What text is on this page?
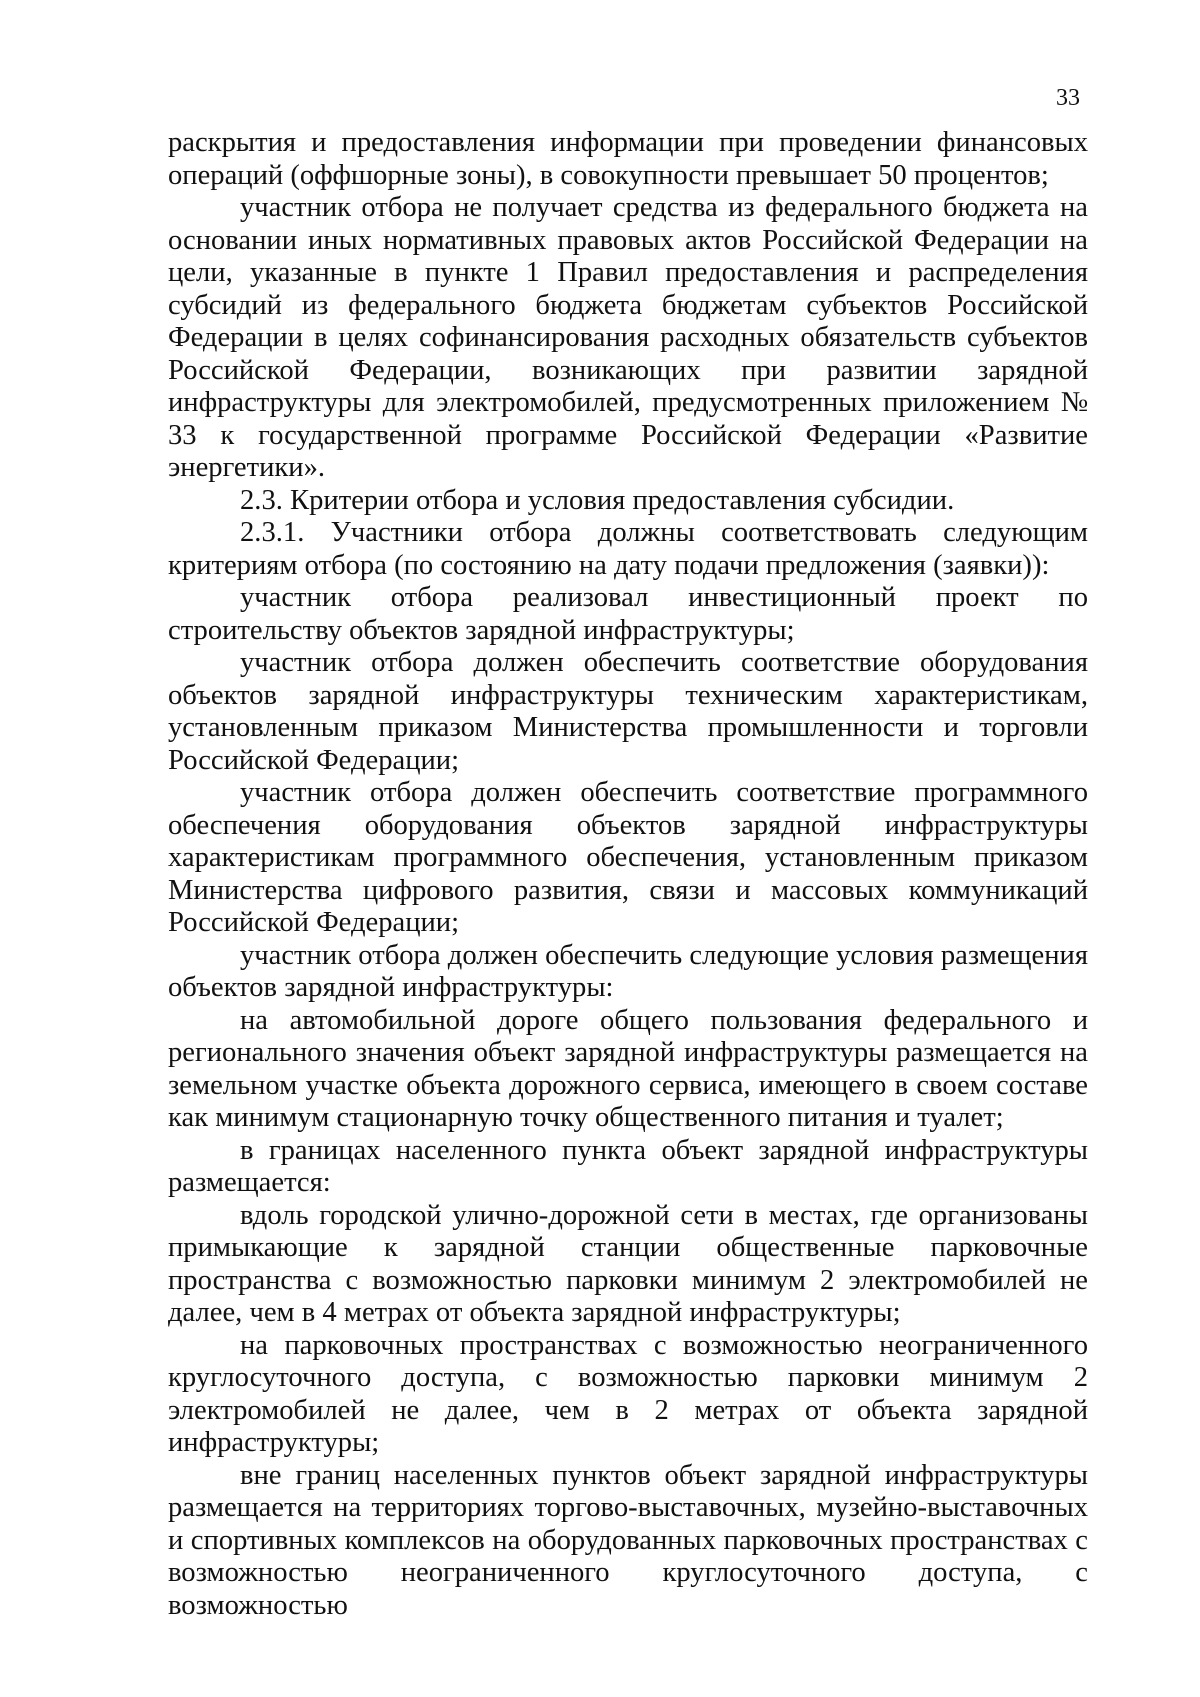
33

раскрытия и предоставления информации при проведении финансовых операций (оффшорные зоны), в совокупности превышает 50 процентов;

участник отбора не получает средства из федерального бюджета на основании иных нормативных правовых актов Российской Федерации на цели, указанные в пункте 1 Правил предоставления и распределения субсидий из федерального бюджета бюджетам субъектов Российской Федерации в целях софинансирования расходных обязательств субъектов Российской Федерации, возникающих при развитии зарядной инфраструктуры для электромобилей, предусмотренных приложением № 33 к государственной программе Российской Федерации «Развитие энергетики».

2.3. Критерии отбора и условия предоставления субсидии.

2.3.1. Участники отбора должны соответствовать следующим критериям отбора (по состоянию на дату подачи предложения (заявки)):

участник отбора реализовал инвестиционный проект по строительству объектов зарядной инфраструктуры;

участник отбора должен обеспечить соответствие оборудования объектов зарядной инфраструктуры техническим характеристикам, установленным приказом Министерства промышленности и торговли Российской Федерации;

участник отбора должен обеспечить соответствие программного обеспечения оборудования объектов зарядной инфраструктуры характеристикам программного обеспечения, установленным приказом Министерства цифрового развития, связи и массовых коммуникаций Российской Федерации;

участник отбора должен обеспечить следующие условия размещения объектов зарядной инфраструктуры:

на автомобильной дороге общего пользования федерального и регионального значения объект зарядной инфраструктуры размещается на земельном участке объекта дорожного сервиса, имеющего в своем составе как минимум стационарную точку общественного питания и туалет;

в границах населенного пункта объект зарядной инфраструктуры размещается:

вдоль городской улично-дорожной сети в местах, где организованы примыкающие к зарядной станции общественные парковочные пространства с возможностью парковки минимум 2 электромобилей не далее, чем в 4 метрах от объекта зарядной инфраструктуры;

на парковочных пространствах с возможностью неограниченного круглосуточного доступа, с возможностью парковки минимум 2 электромобилей не далее, чем в 2 метрах от объекта зарядной инфраструктуры;

вне границ населенных пунктов объект зарядной инфраструктуры размещается на территориях торгово-выставочных, музейно-выставочных и спортивных комплексов на оборудованных парковочных пространствах с возможностью неограниченного круглосуточного доступа, с возможностью
